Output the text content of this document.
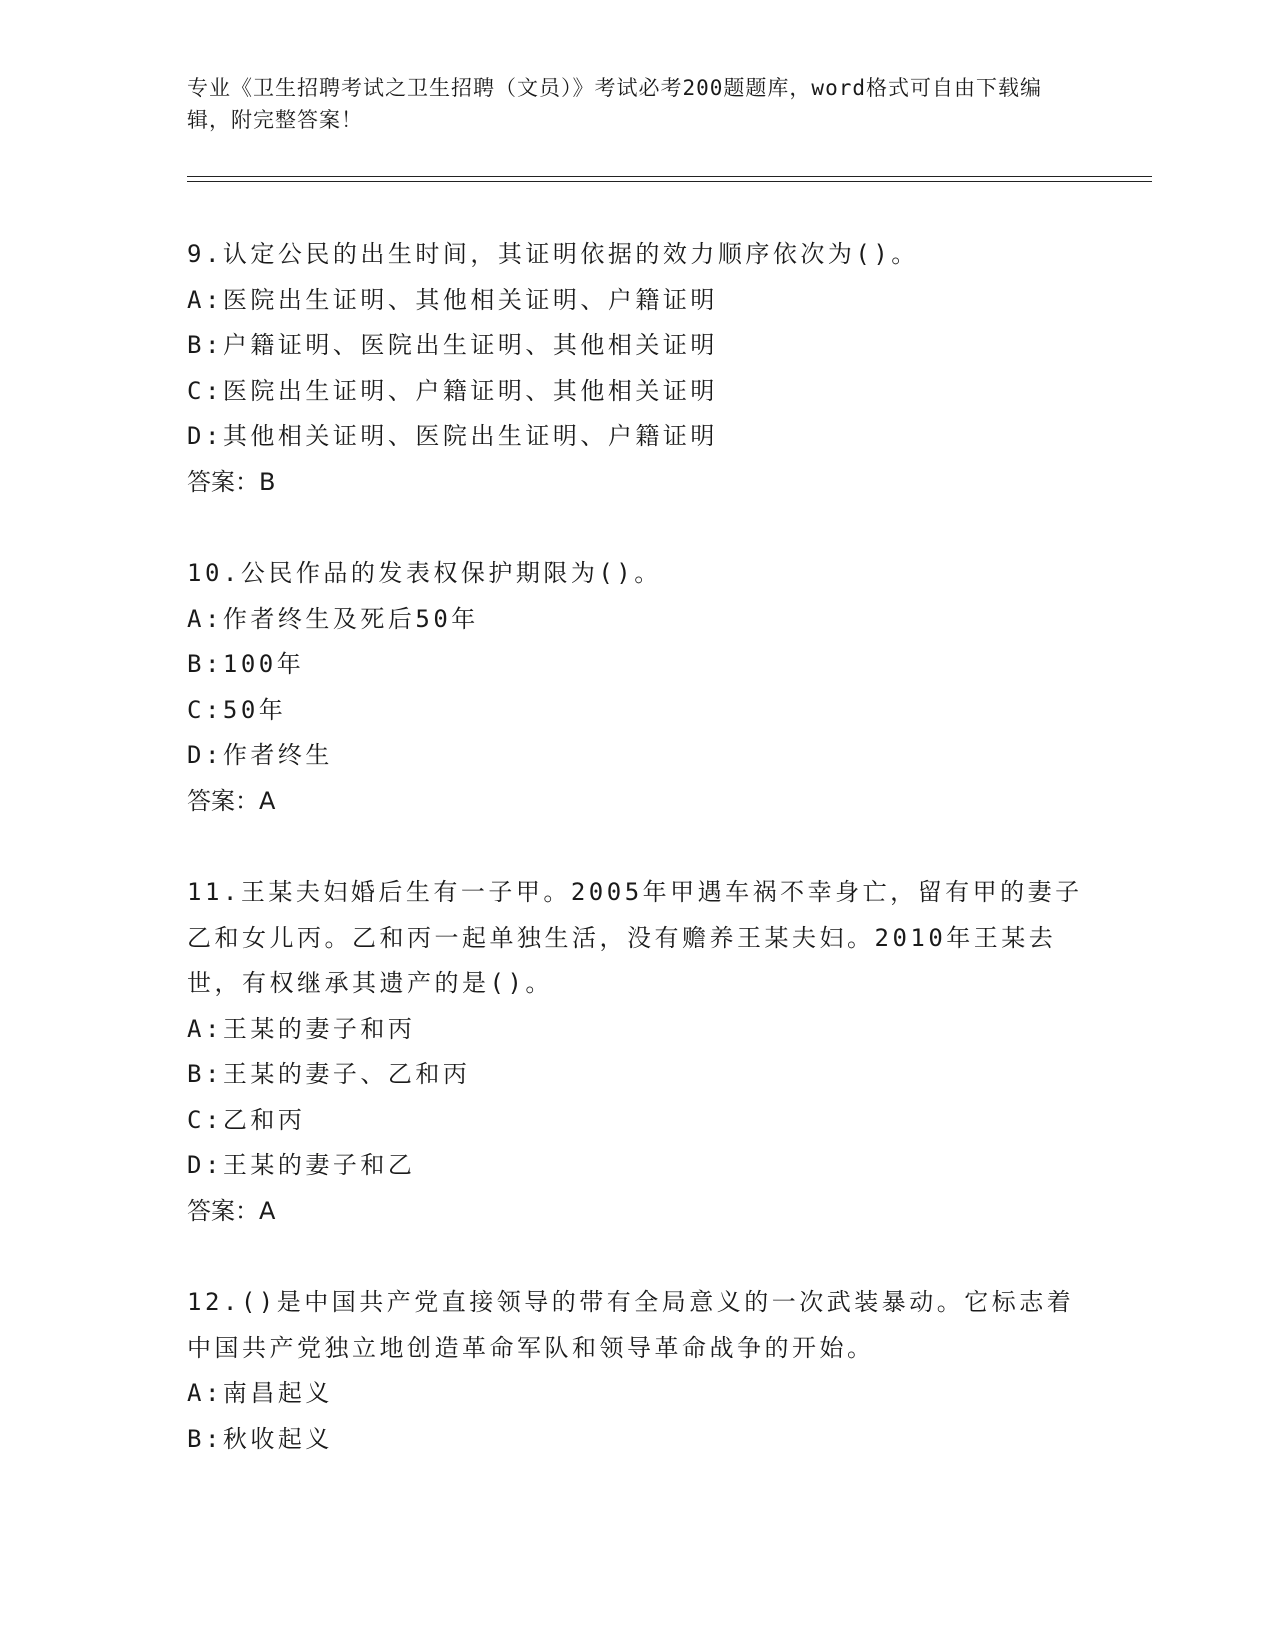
专业《卫生招聘考试之卫生招聘（文员）》考试必考200题题库，word格式可自由下载编辑，附完整答案！

9.认定公民的出生时间，其证明依据的效力顺序依次为()。

A:医院出生证明、其他相关证明、户籍证明

B:户籍证明、医院出生证明、其他相关证明

C:医院出生证明、户籍证明、其他相关证明

D:其他相关证明、医院出生证明、户籍证明

答案：B

10.公民作品的发表权保护期限为()。

A:作者终生及死后50年

B:100年

C:50年

D:作者终生

答案：A

11.王某夫妇婚后生有一子甲。2005年甲遇车祸不幸身亡，留有甲的妻子乙和女儿丙。乙和丙一起单独生活，没有赡养王某夫妇。2010年王某去世，有权继承其遗产的是()。

A:王某的妻子和丙

B:王某的妻子、乙和丙

C:乙和丙

D:王某的妻子和乙

答案：A

12.()是中国共产党直接领导的带有全局意义的一次武装暴动。它标志着中国共产党独立地创造革命军队和领导革命战争的开始。

A:南昌起义

B:秋收起义
